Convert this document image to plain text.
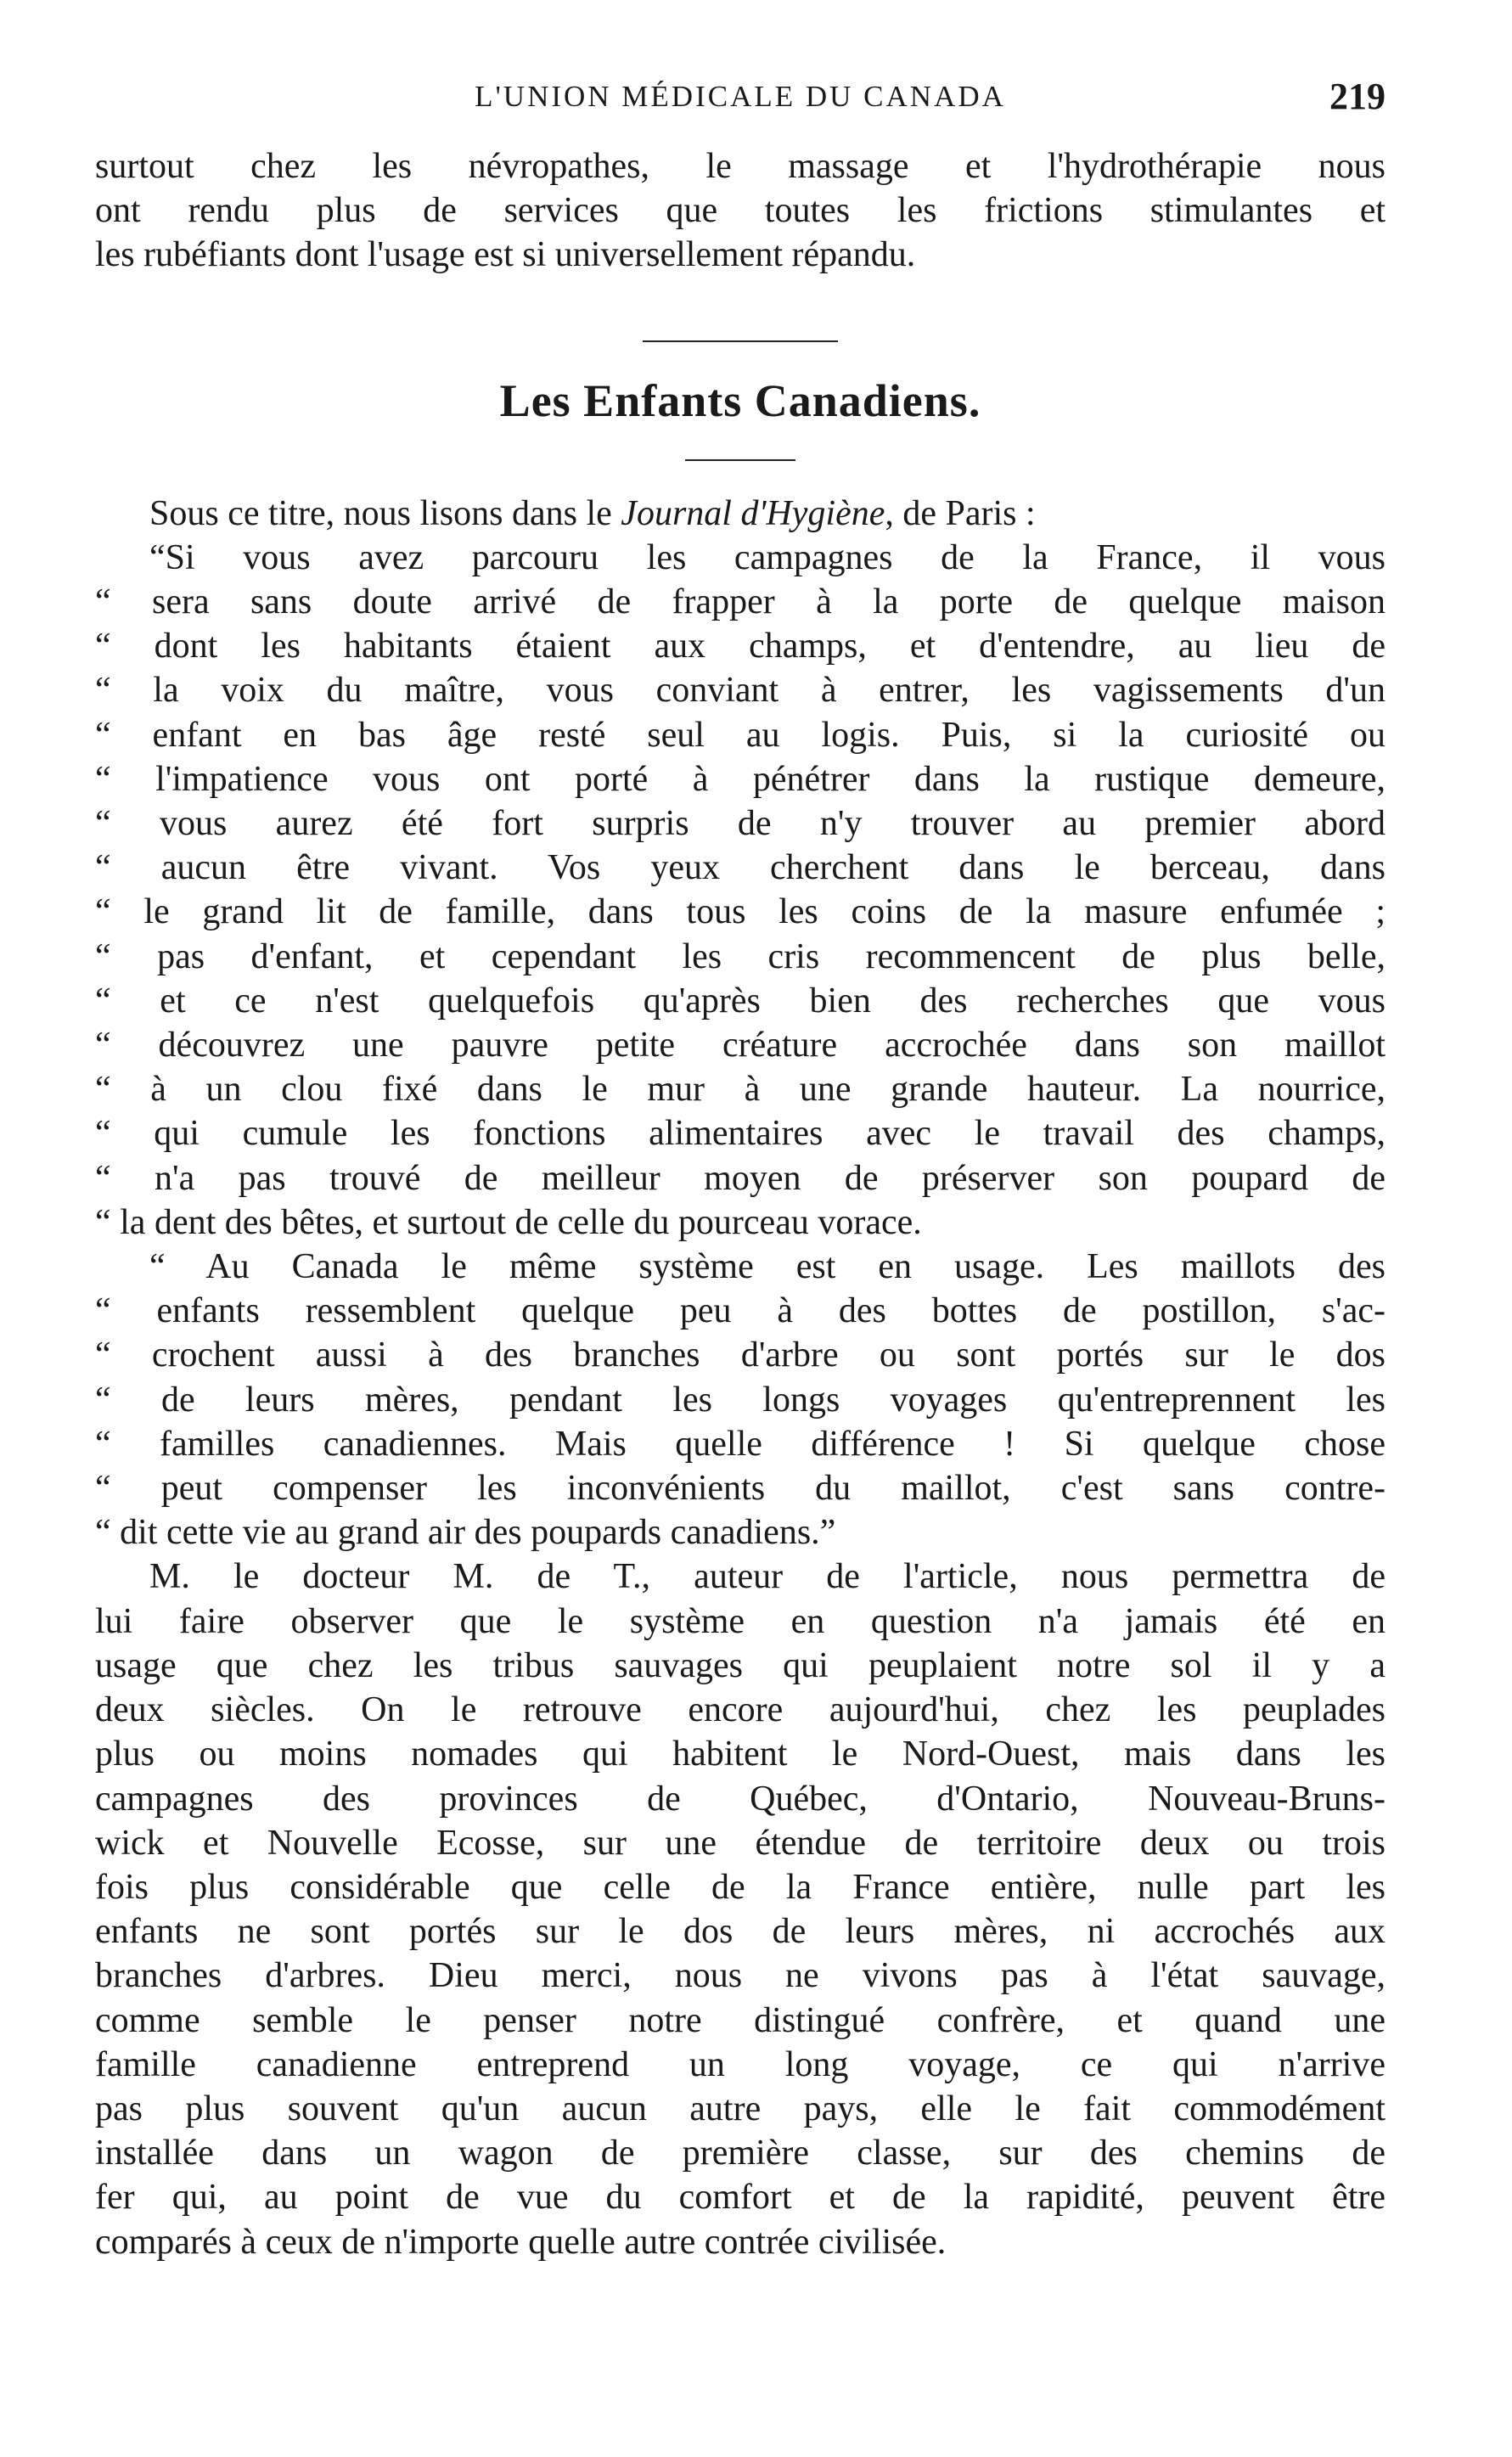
L'UNION MÉDICALE DU CANADA	219

surtout chez les névropathes, le massage et l'hydrothérapie nous

ont rendu plus de services que toutes les frictions stimulantes et

les rubéfiants dont l'usage est si universellement répandu.

Les Enfants Canadiens.

Sous ce titre, nous lisons dans le Journal d'Hygiène, de Paris :

“Si vous avez parcouru les campagnes de la France, il vous

“ sera sans doute arrivé de frapper à la porte de quelque maison

“ dont les habitants étaient aux champs, et d'entendre, au lieu de

“ la voix du maître, vous conviant à entrer, les vagissements d'un

“ enfant en bas âge resté seul au logis. Puis, si la curiosité ou

“ l'impatience vous ont porté à pénétrer dans la rustique demeure,

“ vous aurez été fort surpris de n'y trouver au premier abord

“ aucun être vivant. Vos yeux cherchent dans le berceau, dans

“ le grand lit de famille, dans tous les coins de la masure enfumée ;

“ pas d'enfant, et cependant les cris recommencent de plus belle,

“ et ce n'est quelquefois qu'après bien des recherches que vous

“ découvrez une pauvre petite créature accrochée dans son maillot

“ à un clou fixé dans le mur à une grande hauteur. La nourrice,

“ qui cumule les fonctions alimentaires avec le travail des champs,

“ n'a pas trouvé de meilleur moyen de préserver son poupard de

“ la dent des bêtes, et surtout de celle du pourceau vorace.

“ Au Canada le même système est en usage. Les maillots des

“ enfants ressemblent quelque peu à des bottes de postillon, s'ac-

“ crochent aussi à des branches d'arbre ou sont portés sur le dos

“ de leurs mères, pendant les longs voyages qu'entreprennent les

“ familles canadiennes. Mais quelle différence ! Si quelque chose

“ peut compenser les inconvénients du maillot, c'est sans contre-

“ dit cette vie au grand air des poupards canadiens.”

M. le docteur M. de T., auteur de l'article, nous permettra de

lui faire observer que le système en question n'a jamais été en

usage que chez les tribus sauvages qui peuplaient notre sol il y a

deux siècles. On le retrouve encore aujourd'hui, chez les peuplades

plus ou moins nomades qui habitent le Nord-Ouest, mais dans les

campagnes des provinces de Québec, d'Ontario, Nouveau-Bruns-

wick et Nouvelle Ecosse, sur une étendue de territoire deux ou trois

fois plus considérable que celle de la France entière, nulle part les

enfants ne sont portés sur le dos de leurs mères, ni accrochés aux

branches d'arbres. Dieu merci, nous ne vivons pas à l'état sauvage,

comme semble le penser notre distingué confrère, et quand une

famille canadienne entreprend un long voyage, ce qui n'arrive

pas plus souvent qu'un aucun autre pays, elle le fait commodément

installée dans un wagon de première classe, sur des chemins de

fer qui, au point de vue du comfort et de la rapidité, peuvent être

comparés à ceux de n'importe quelle autre contrée civilisée.
